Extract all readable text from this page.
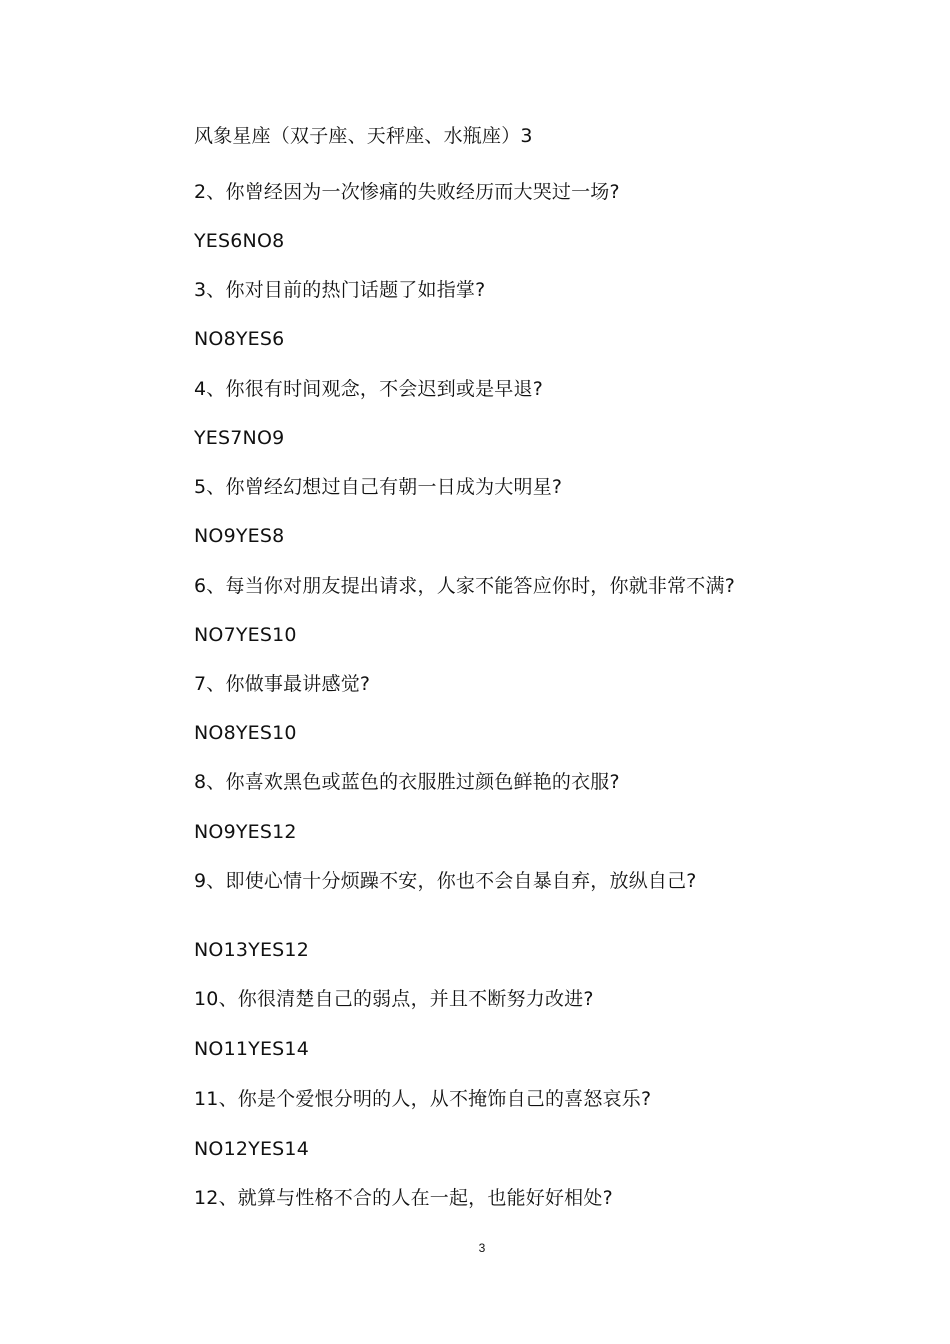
风象星座（双子座、天秤座、水瓶座）3
2、你曾经因为一次惨痛的失败经历而大哭过一场?
YES6NO8
3、你对目前的热门话题了如指掌?
NO8YES6
4、你很有时间观念，不会迟到或是早退?
YES7NO9
5、你曾经幻想过自己有朝一日成为大明星?
NO9YES8
6、每当你对朋友提出请求，人家不能答应你时，你就非常不满?
NO7YES10
7、你做事最讲感觉?
NO8YES10
8、你喜欢黑色或蓝色的衣服胜过颜色鲜艳的衣服?
NO9YES12
9、即使心情十分烦躁不安，你也不会自暴自弃，放纵自己?
NO13YES12
10、你很清楚自己的弱点，并且不断努力改进?
NO11YES14
11、你是个爱恨分明的人，从不掩饰自己的喜怒哀乐?
NO12YES14
12、就算与性格不合的人在一起，也能好好相处?
3
